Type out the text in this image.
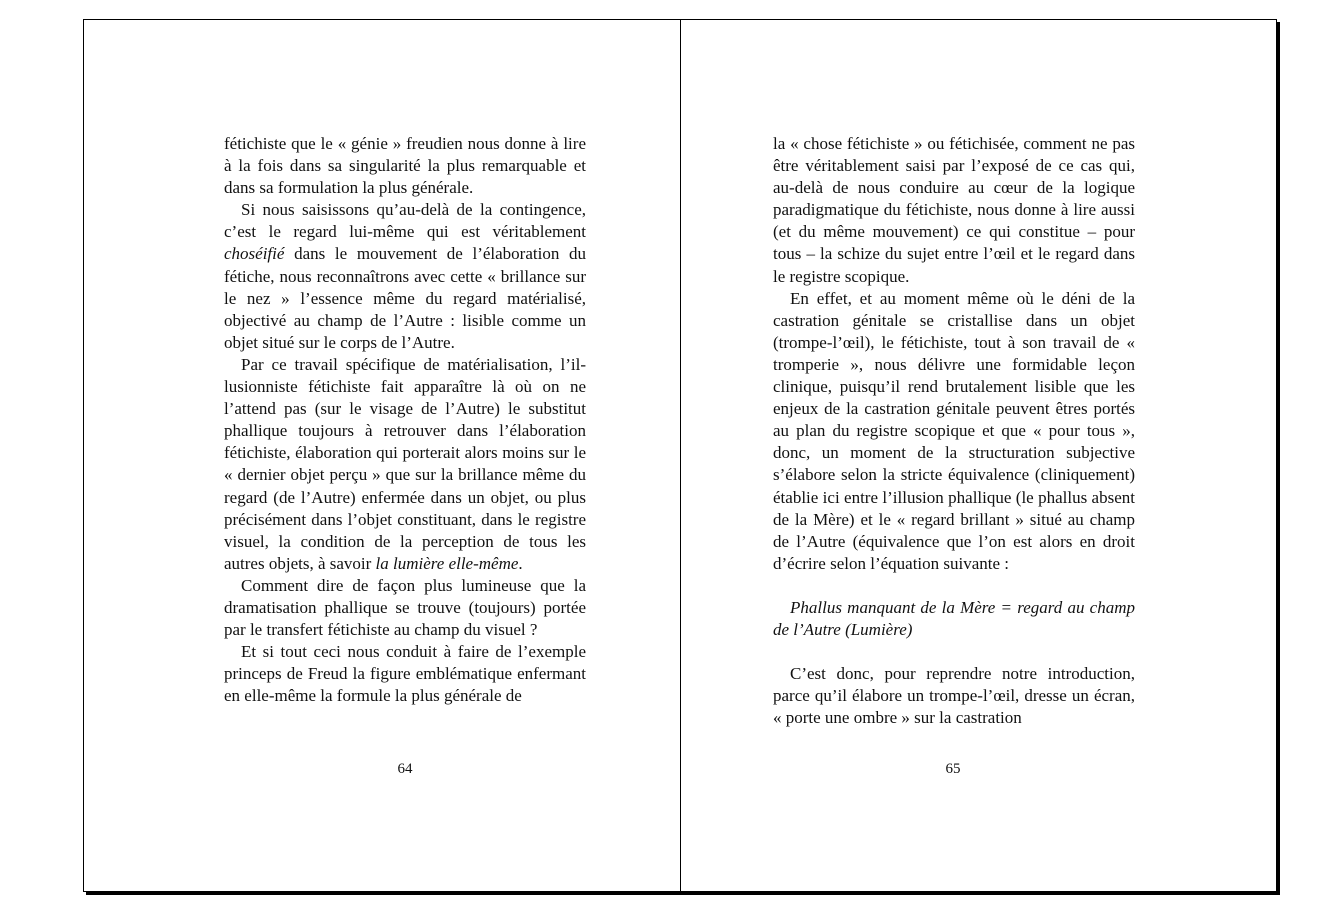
fétichiste que le « génie » freudien nous donne à lire à la fois dans sa singularité la plus remarquable et dans sa formulation la plus générale.

Si nous saisissons qu’au-delà de la contingence, c’est le regard lui-même qui est véritablement choséifié dans le mouvement de l’élaboration du fétiche, nous reconnaîtrons avec cette « brillance sur le nez » l’essence même du regard matérialisé, objectivé au champ de l’Autre : lisible comme un objet situé sur le corps de l’Autre.

Par ce travail spécifique de matérialisation, l’illusionniste fétichiste fait apparaître là où on ne l’attend pas (sur le visage de l’Autre) le substitut phallique toujours à retrouver dans l’élaboration fétichiste, élaboration qui porterait alors moins sur le « dernier objet perçu » que sur la brillance même du regard (de l’Autre) enfermée dans un objet, ou plus précisément dans l’objet constituant, dans le registre visuel, la condition de la perception de tous les autres objets, à savoir la lumière elle-même.

Comment dire de façon plus lumineuse que la dramatisation phallique se trouve (toujours) portée par le transfert fétichiste au champ du visuel ?

Et si tout ceci nous conduit à faire de l’exemple princeps de Freud la figure emblématique enfermant en elle-même la formule la plus générale de

64

la « chose fétichiste » ou fétichisée, comment ne pas être véritablement saisi par l’exposé de ce cas qui, au-delà de nous conduire au cœur de la logique paradigmatique du fétichiste, nous donne à lire aussi (et du même mouvement) ce qui constitue – pour tous – la schize du sujet entre l’œil et le regard dans le registre scopique.

En effet, et au moment même où le déni de la castration génitale se cristallise dans un objet (trompe-l’œil), le fétichiste, tout à son travail de « tromperie », nous délivre une formidable leçon clinique, puisqu’il rend brutalement lisible que les enjeux de la castration génitale peuvent êtres portés au plan du registre scopique et que « pour tous », donc, un moment de la structuration subjective s’élabore selon la stricte équivalence (cliniquement) établie ici entre l’illusion phallique (le phallus absent de la Mère) et le « regard brillant » situé au champ de l’Autre (équivalence que l’on est alors en droit d’écrire selon l’équation suivante :

Phallus manquant de la Mère = regard au champ de l’Autre (Lumière)

C’est donc, pour reprendre notre introduction, parce qu’il élabore un trompe-l’œil, dresse un écran, « porte une ombre » sur la castration

65
